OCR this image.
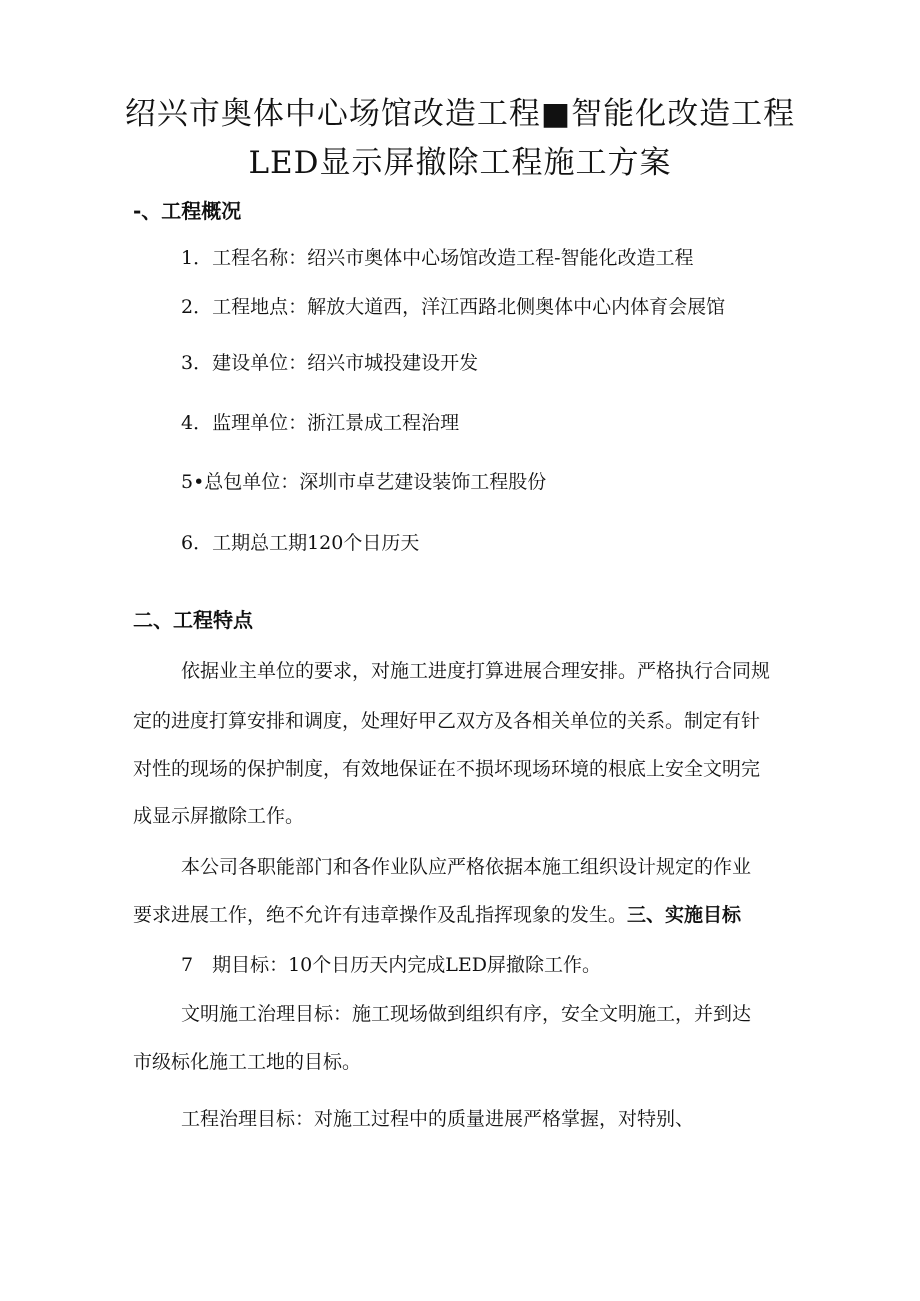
绍兴市奥体中心场馆改造工程■智能化改造工程
LED显示屏撤除工程施工方案
-、工程概况
1．工程名称：绍兴市奥体中心场馆改造工程-智能化改造工程
2．工程地点：解放大道西，洋江西路北侧奥体中心内体育会展馆
3．建设单位：绍兴市城投建设开发
4．监理单位：浙江景成工程治理
5•总包单位：深圳市卓艺建设装饰工程股份
6．工期总工期120个日历天
二、工程特点
依据业主单位的要求，对施工进度打算进展合理安排。严格执行合同规
定的进度打算安排和调度，处理好甲乙双方及各相关单位的关系。制定有针
对性的现场的保护制度，有效地保证在不损坏现场环境的根底上安全文明完
成显示屏撤除工作。
本公司各职能部门和各作业队应严格依据本施工组织设计规定的作业
要求进展工作，绝不允许有违章操作及乱指挥现象的发生。三、实施目标
7　期目标：10个日历天内完成LED屏撤除工作。
文明施工治理目标：施工现场做到组织有序，安全文明施工，并到达
市级标化施工工地的目标。
工程治理目标：对施工过程中的质量进展严格掌握，对特别、
